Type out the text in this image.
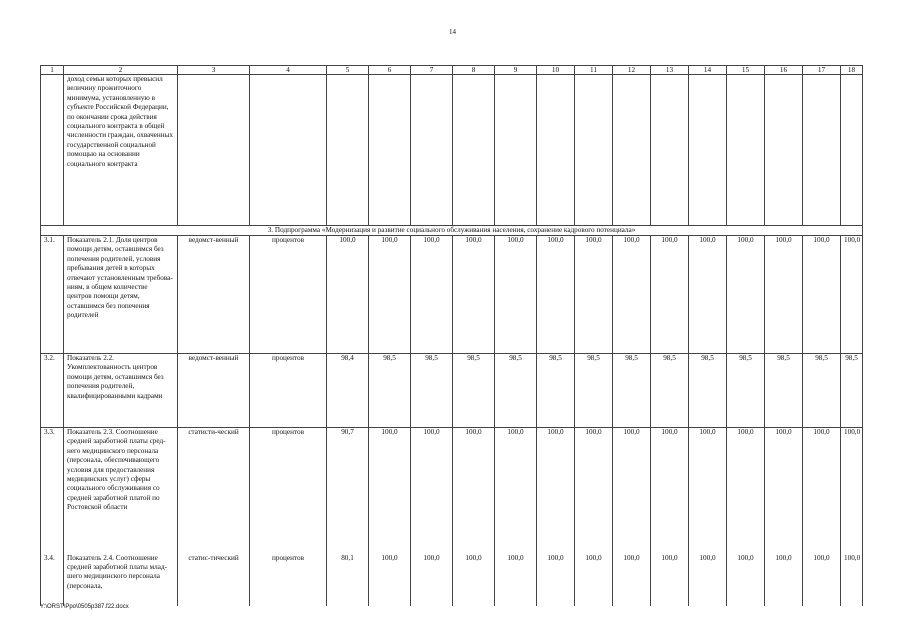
14
1	2	3	4	5	6	7	8	9	10	11	12	13	14	15	16	17	18
	доход семьи которых превысил величину прожиточного минимума, установленную в субъекте Российской Федерации, по окончании срока действия социального контракта в общей численности граждан, охваченных государственной социальной помощью на основании социального контракта																
3. Подпрограмма «Модернизация и развитие социального обслуживания населения, сохранение кадрового потенциала»																	
3.1.	Показатель 2.1. Доля центров помощи детям, оставшимся без попечения родителей, условия пребывания детей в которых отвечают установленным требова-ниям, в общем количестве центров помощи детям, оставшимся без попечения родителей	ведомст-венный	процентов	100,0	100,0	100,0	100,0	100,0	100,0	100,0	100,0	100,0	100,0	100,0	100,0	100,0	100,0
3.2.	Показатель 2.2. Укомплектованность центров помощи детям, оставшимся без попечения родителей, квалифицированными кадрами	ведомст-венный	процентов	98,4	98,5	98,5	98,5	98,5	98,5	98,5	98,5	98,5	98,5	98,5	98,5	98,5	98,5
3.3.	Показатель 2.3. Соотношение средней заработной платы сред-него медицинского персонала (персонала, обеспечивающего условия для предоставления медицинских услуг) сферы социального обслуживания со средней заработной платой по Ростовской области	статисти-ческий	процентов	90,7	100,0	100,0	100,0	100,0	100,0	100,0	100,0	100,0	100,0	100,0	100,0	100,0	100,0
3.4.	Показатель 2.4. Соотношение средней заработной платы млад-шего медицинского персонала (персонала,	статис-тический	процентов	80,1	100,0	100,0	100,0	100,0	100,0	100,0	100,0	100,0	100,0	100,0	100,0	100,0	100,0
Y:\ORST\Ppo\0505p387.f22.docx
